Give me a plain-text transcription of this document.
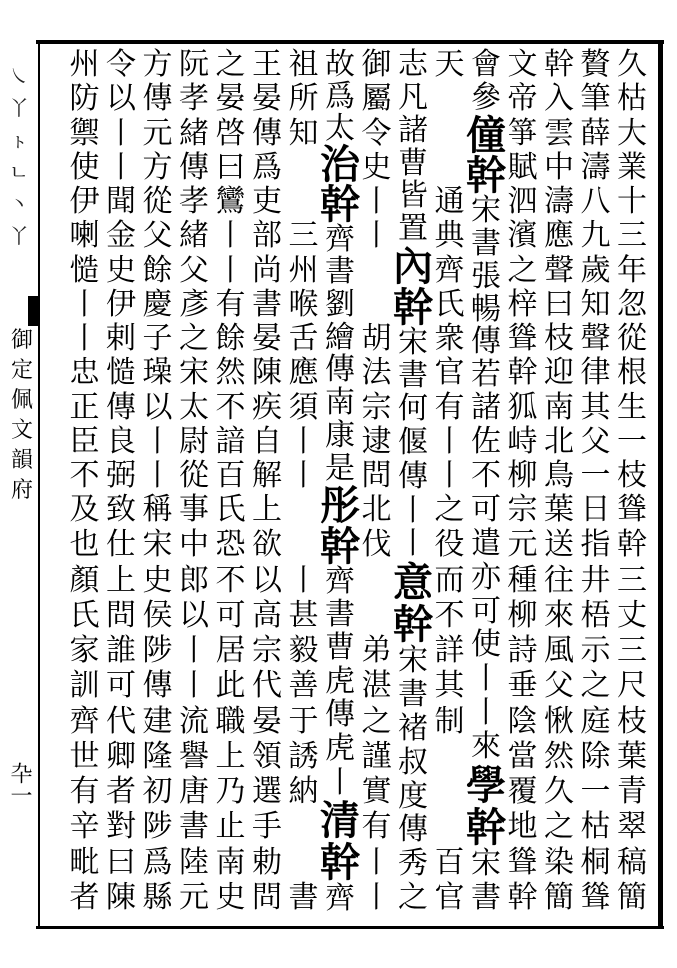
㇏
丫
ㇳ
ㄴ
丶
丫
御
定
佩
文
韻
府
卆一
久
枯
大
業
十
三
年
忽
從
根
生
一
枝
聳
幹
三
丈
三
尺
枝
葉
青
翠
稿
簡
贅
筆
薛
濤
八
九
歲
知
聲
律
其
父
一
日
指
井
梧
示
之
庭
除
一
枯
桐
聳
幹
入
雲
中
濤
應
聲
曰
枝
迎
南
北
鳥
葉
送
往
來
風
父
愀
然
久
之
染
簡
文
帝
箏
賦
泗
濱
之
梓
聳
幹
狐
峙
柳
宗
元
種
柳
詩
垂
陰
當
覆
地
聳
幹
會
參
僮
幹
宋
書
張
暢
傳
若
諸
佐
不
可
遣
亦
可
使
丨
丨
來
學
幹
宋
書
天
通
典
齊
氏
衆
官
有
丨
丨
之
役
而
不
詳
其
制
百
官
志
凡
諸
曹
皆
置
內
幹
宋
書
何
偃
傳
丨
丨
意
幹
宋
書
褚
叔
度
傳
秀
之
御
屬
令
史
丨
丨
胡
法
宗
逮
問
北
伐
弟
湛
之
謹
實
有
丨
丨
故
爲
太
治
幹
齊
書
劉
繪
傳
南
康
是
彤
幹
齊
書
曹
虎
傳
虎
丨
清
幹
齊
祖
所
知
三
州
喉
舌
應
須
丨
丨
丨
甚
毅
善
于
誘
納
書
王
晏
傳
爲
吏
部
尚
書
晏
陳
疾
自
解
上
欲
以
高
宗
代
晏
領
選
手
勅
問
之
晏
啓
曰
鸞
丨
丨
有
餘
然
不
諳
百
氏
恐
不
可
居
此
職
上
乃
止
南
史
阮
孝
緒
傳
孝
緒
父
彥
之
宋
太
尉
從
事
中
郎
以
丨
丨
流
譽
唐
書
陸
元
方
傳
元
方
從
父
餘
慶
子
璪
以
丨
丨
稱
宋
史
侯
陟
傳
建
隆
初
陟
爲
縣
令
以
丨
丨
聞
金
史
伊
剌
慥
傳
良
弼
致
仕
上
問
誰
可
代
卿
者
對
曰
陳
州
防
禦
使
伊
喇
慥
丨
丨
忠
正
臣
不
及
也
顏
氏
家
訓
齊
世
有
辛
毗
者
